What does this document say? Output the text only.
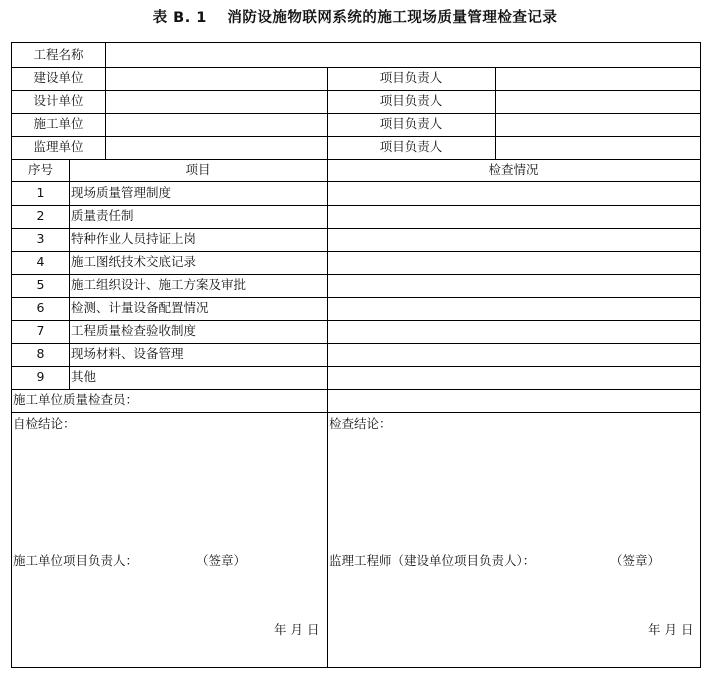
表 B. 1　 消防设施物联网系统的施工现场质量管理检查记录
工程名称
建设单位	项目负责人
设计单位	项目负责人
施工单位	项目负责人
监理单位	项目负责人
序号	项目	检查情况
1	现场质量管理制度
2	质量责任制
3	特种作业人员持证上岗
4	施工图纸技术交底记录
5	施工组织设计、施工方案及审批
6	检测、计量设备配置情况
7	工程质量检查验收制度
8	现场材料、设备管理
9	其他
施工单位质量检查员：
自检结论：	检查结论：
施工单位项目负责人：	（签章）	监理工程师（建设单位项目负责人）：	（签章）
年 月 日	年 月 日
